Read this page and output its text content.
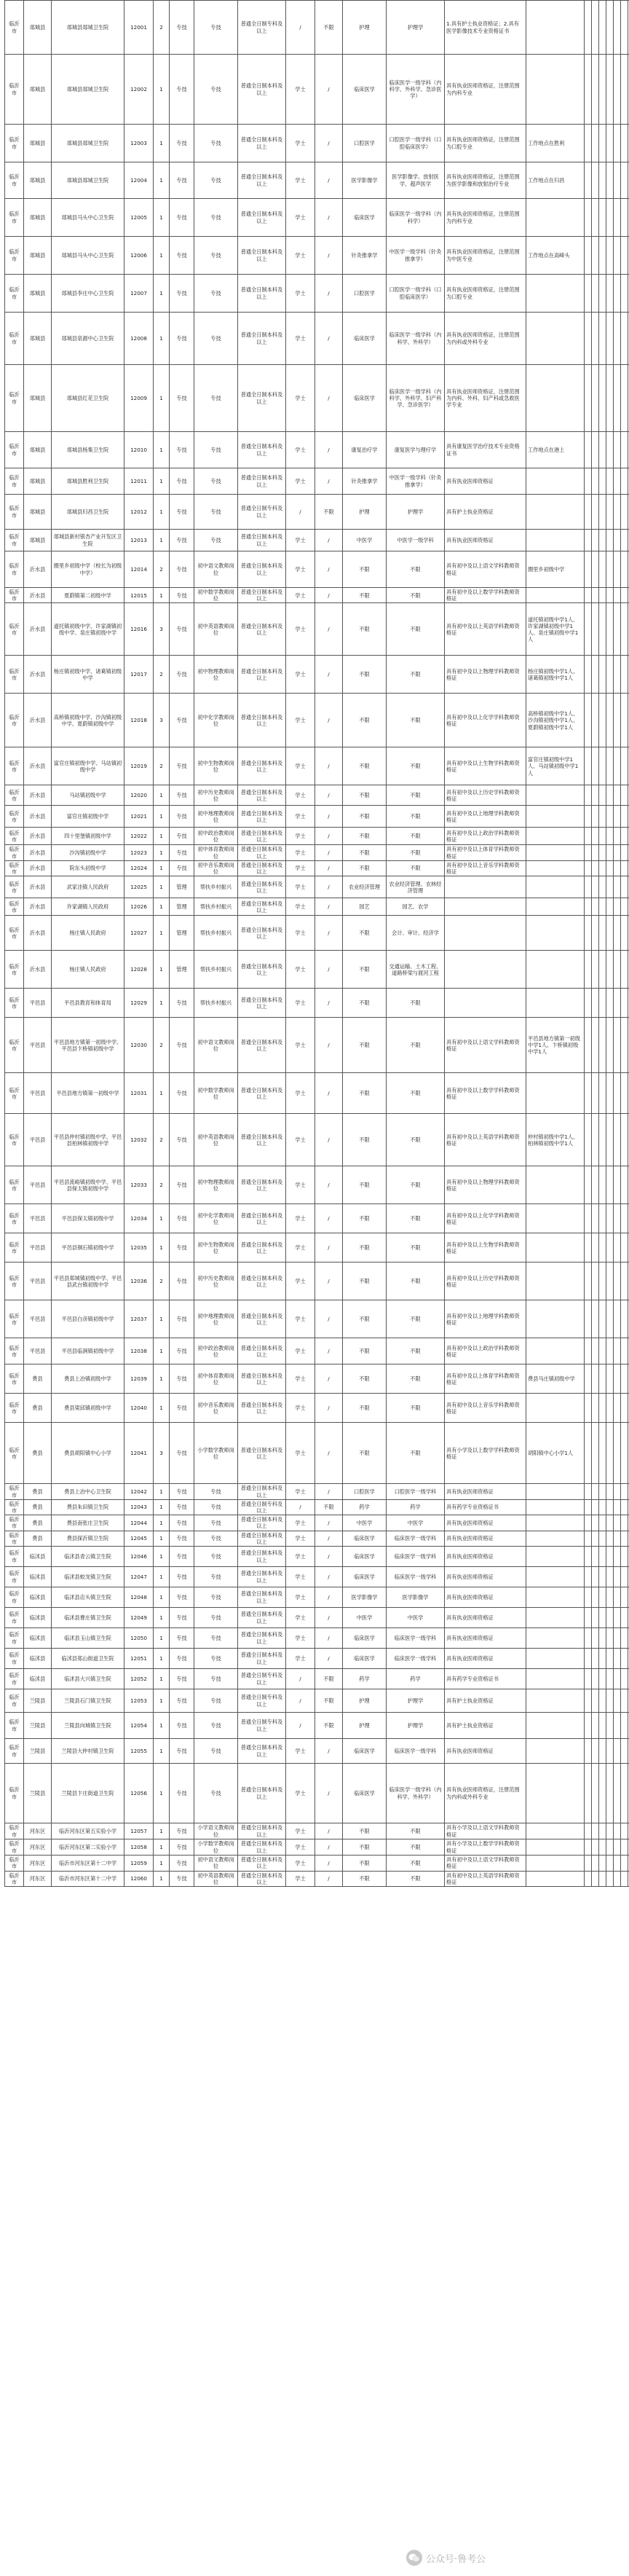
临沂市	郯城县	郯城县郯城卫生院	12001	2	专技	专技	普通全日制专科及以上	/	不限	护理	护理学	1.具有护士执业资格证；2.具有医学影像技术专业资格证书								
临沂市	郯城县	郯城县郯城卫生院	12002	1	专技	专技	普通全日制本科及以上	学士	/	临床医学	临床医学一级学科（内科学、外科学、急诊医学）	具有执业医师资格证，注册范围为内科专业								
临沂市	郯城县	郯城县郯城卫生院	12003	1	专技	专技	普通全日制本科及以上	学士	/	口腔医学	口腔医学一级学科（口腔临床医学）	具有执业医师资格证，注册范围为口腔专业	工作地点在胜利							
临沂市	郯城县	郯城县郯城卫生院	12004	1	专技	专技	普通全日制本科及以上	学士	/	医学影像学	医学影像学、放射医学、超声医学	具有执业医师资格证，注册范围为医学影像和放射治疗专业	工作地点在归昌							
临沂市	郯城县	郯城县马头中心卫生院	12005	1	专技	专技	普通全日制本科及以上	学士	/	临床医学	临床医学一级学科（内科学）	具有执业医师资格证，注册范围为内科专业								
临沂市	郯城县	郯城县马头中心卫生院	12006	1	专技	专技	普通全日制本科及以上	学士	/	针灸推拿学	中医学一级学科（针灸推拿学）	具有执业医师资格证，注册范围为中医专业	工作地点在高峰头							
临沂市	郯城县	郯城县李庄中心卫生院	12007	1	专技	专技	普通全日制本科及以上	学士	/	口腔医学	口腔医学一级学科（口腔临床医学）	具有执业医师资格证，注册范围为口腔专业								
临沂市	郯城县	郯城县泉源中心卫生院	12008	1	专技	专技	普通全日制本科及以上	学士	/	临床医学	临床医学一级学科（内科学、外科学）	具有执业医师资格证，注册范围为内科或外科专业								
临沂市	郯城县	郯城县红花卫生院	12009	1	专技	专技	普通全日制本科及以上	学士	/	临床医学	临床医学一级学科（内科学、外科学、妇产科学、急诊医学）	具有执业医师资格证，注册范围为内科、外科、妇产科或急救医学专业								
临沂市	郯城县	郯城县杨集卫生院	12010	1	专技	专技	普通全日制本科及以上	学士	/	康复治疗学	康复医学与理疗学	具有康复医学治疗技术专业资格证书	工作地点在港上							
临沂市	郯城县	郯城县胜利卫生院	12011	1	专技	专技	普通全日制本科及以上	学士	/	针灸推拿学	中医学一级学科（针灸推拿学）	具有执业医师资格证								
临沂市	郯城县	郯城县归昌卫生院	12012	1	专技	专技	普通全日制专科及以上	/	不限	护理	护理学	具有护士执业资格证								
临沂市	郯城县	郯城县新村银杏产业开发区卫生院	12013	1	专技	专技	普通全日制本科及以上	学士	/	中医学	中医学一级学科	具有执业医师资格证								
临沂市	沂水县	圈里乡初级中学（校长为初级中学）	12014	2	专技	初中语文教师岗位	普通全日制本科及以上	学士	/	不限	不限	具有初中及以上语文学科教师资格证	圈里乡初级中学							
临沂市	沂水县	夏蔚镇第二初级中学	12015	1	专技	初中数学教师岗位	普通全日制本科及以上	学士	/	不限	不限	具有初中及以上数学学科教师资格证								
临沂市	沂水县	道托镇初级中学、许家湖镇初级中学、泉庄镇初级中学	12016	3	专技	初中英语教师岗位	普通全日制本科及以上	学士	/	不限	不限	具有初中及以上英语学科教师资格证	道托镇初级中学1人、许家湖镇初级中学1人、泉庄镇初级中学1人							
临沂市	沂水县	杨庄镇初级中学、诸葛镇初级中学	12017	2	专技	初中物理教师岗位	普通全日制本科及以上	学士	/	不限	不限	具有初中及以上物理学科教师资格证	杨庄镇初级中学1人、诸葛镇初级中学1人							
临沂市	沂水县	高桥镇初级中学、沙沟镇初级中学、夏蔚镇初级中学	12018	3	专技	初中化学教师岗位	普通全日制本科及以上	学士	/	不限	不限	具有初中及以上化学学科教师资格证	高桥镇初级中学1人、沙沟镇初级中学1人、夏蔚镇初级中学1人							
临沂市	沂水县	富官庄镇初级中学、马站镇初级中学	12019	2	专技	初中生物教师岗位	普通全日制本科及以上	学士	/	不限	不限	具有初中及以上生物学科教师资格证	富官庄镇初级中学1人、马站镇初级中学1人							
临沂市	沂水县	马站镇初级中学	12020	1	专技	初中历史教师岗位	普通全日制本科及以上	学士	/	不限	不限	具有初中及以上历史学科教师资格证								
临沂市	沂水县	富官庄镇初级中学	12021	1	专技	初中地理教师岗位	普通全日制本科及以上	学士	/	不限	不限	具有初中及以上地理学科教师资格证								
临沂市	沂水县	四十里堡镇初级中学	12022	1	专技	初中政治教师岗位	普通全日制本科及以上	学士	/	不限	不限	具有初中及以上政治学科教师资格证								
临沂市	沂水县	沙沟镇初级中学	12023	1	专技	初中体育教师岗位	普通全日制本科及以上	学士	/	不限	不限	具有初中及以上体育学科教师资格证								
临沂市	沂水县	院东头初级中学	12024	1	专技	初中音乐教师岗位	普通全日制本科及以上	学士	/	不限	不限	具有初中及以上音乐学科教师资格证								
临沂市	沂水县	武家洼镇人民政府	12025	1	管理	帮扶乡村振兴	普通全日制本科及以上	学士	/	农业经济管理	农业经济管理、农林经济管理									
临沂市	沂水县	许家湖镇人民政府	12026	1	管理	帮扶乡村振兴	普通全日制本科及以上	学士	/	园艺	园艺、农学									
临沂市	沂水县	杨庄镇人民政府	12027	1	管理	帮扶乡村振兴	普通全日制本科及以上	学士	/	不限	会计、审计、经济学									
临沂市	沂水县	杨庄镇人民政府	12028	1	管理	帮扶乡村振兴	普通全日制本科及以上	学士	/	不限	交通运输、土木工程、道路桥梁与渡河工程									
临沂市	平邑县	平邑县教育和体育局	12029	1	专技	帮扶乡村振兴	普通全日制本科及以上	学士	/	不限	不限									
临沂市	平邑县	平邑县地方镇第一初级中学、平邑县卞桥镇初级中学	12030	2	专技	初中语文教师岗位	普通全日制本科及以上	学士	/	不限	不限	具有初中及以上语文学科教师资格证	平邑县地方镇第一初级中学1人、卞桥镇初级中学1人							
临沂市	平邑县	平邑县地方镇第一初级中学	12031	1	专技	初中数学教师岗位	普通全日制本科及以上	学士	/	不限	不限	具有初中及以上数学学科教师资格证								
临沂市	平邑县	平邑县仲村镇初级中学、平邑县柏林镇初级中学	12032	2	专技	初中英语教师岗位	普通全日制本科及以上	学士	/	不限	不限	具有初中及以上英语学科教师资格证	仲村镇初级中学1人、柏林镇初级中学1人							
临沂市	平邑县	平邑县流峪镇初级中学、平邑县保太镇初级中学	12033	2	专技	初中物理教师岗位	普通全日制本科及以上	学士	/	不限	不限	具有初中及以上物理学科教师资格证								
临沂市	平邑县	平邑县保太镇初级中学	12034	1	专技	初中化学教师岗位	普通全日制本科及以上	学士	/	不限	不限	具有初中及以上化学学科教师资格证								
临沂市	平邑县	平邑县铜石镇初级中学	12035	1	专技	初中生物教师岗位	普通全日制本科及以上	学士	/	不限	不限	具有初中及以上生物学科教师资格证								
临沂市	平邑县	平邑县郑城镇初级中学、平邑县武台镇初级中学	12036	2	专技	初中历史教师岗位	普通全日制本科及以上	学士	/	不限	不限	具有初中及以上历史学科教师资格证								
临沂市	平邑县	平邑县白彦镇初级中学	12037	1	专技	初中地理教师岗位	普通全日制本科及以上	学士	/	不限	不限	具有初中及以上地理学科教师资格证								
临沂市	平邑县	平邑县临涧镇初级中学	12038	1	专技	初中政治教师岗位	普通全日制本科及以上	学士	/	不限	不限	具有初中及以上政治学科教师资格证								
临沂市	费县	费县上冶镇初级中学	12039	1	专技	初中体育教师岗位	普通全日制本科及以上	学士	/	不限	不限	具有初中及以上体育学科教师资格证	费县马庄镇初级中学							
临沂市	费县	费县梁邱镇初级中学	12040	1	专技	初中音乐教师岗位	普通全日制本科及以上	学士	/	不限	不限	具有初中及以上音乐学科教师资格证								
临沂市	费县	费县胡阳镇中心小学	12041	3	专技	小学数学教师岗位	普通全日制本科及以上	学士	/	不限	不限	具有小学及以上数学学科教师资格证	胡阳镇中心小学1人							
临沂市	费县	费县上冶中心卫生院	12042	1	专技	专技	普通全日制本科及以上	学士	/	口腔医学	口腔医学一级学科	具有执业医师资格证								
临沂市	费县	费县朱田镇卫生院	12043	1	专技	专技	普通全日制专科及以上	/	不限	药学	药学	具有药学专业资格证书								
临沂市	费县	费县南张庄卫生院	12044	1	专技	专技	普通全日制本科及以上	学士	/	中医学	中医学	具有执业医师资格证								
临沂市	费县	费县探沂镇卫生院	12045	1	专技	专技	普通全日制本科及以上	学士	/	临床医学	临床医学一级学科	具有执业医师资格证								
临沂市	临沭县	临沭县青云镇卫生院	12046	1	专技	专技	普通全日制本科及以上	学士	/	临床医学	临床医学一级学科	具有执业医师资格证								
临沂市	临沭县	临沭县蛟龙镇卫生院	12047	1	专技	专技	普通全日制本科及以上	学士	/	临床医学	临床医学一级学科	具有执业医师资格证								
临沂市	临沭县	临沭县店头镇卫生院	12048	1	专技	专技	普通全日制本科及以上	学士	/	医学影像学	医学影像学	具有执业医师资格证								
临沂市	临沭县	临沭县曹庄镇卫生院	12049	1	专技	专技	普通全日制本科及以上	学士	/	中医学	中医学	具有执业医师资格证								
临沂市	临沭县	临沭县玉山镇卫生院	12050	1	专技	专技	普通全日制本科及以上	学士	/	临床医学	临床医学一级学科	具有执业医师资格证								
临沂市	临沭县	临沭县郑山街道卫生院	12051	1	专技	专技	普通全日制本科及以上	学士	/	临床医学	临床医学一级学科	具有执业医师资格证								
临沂市	临沭县	临沭县大兴镇卫生院	12052	1	专技	专技	普通全日制专科及以上	/	不限	药学	药学	具有药学专业资格证书								
临沂市	兰陵县	兰陵县石门镇卫生院	12053	1	专技	专技	普通全日制专科及以上	/	不限	护理	护理学	具有护士执业资格证								
临沂市	兰陵县	兰陵县向城镇卫生院	12054	1	专技	专技	普通全日制专科及以上	/	不限	护理	护理学	具有护士执业资格证								
临沂市	兰陵县	兰陵县大仲村镇卫生院	12055	1	专技	专技	普通全日制本科及以上	学士	/	临床医学	临床医学一级学科	具有执业医师资格证								
临沂市	兰陵县	兰陵县卞庄街道卫生院	12056	1	专技	专技	普通全日制本科及以上	学士	/	临床医学	临床医学一级学科（内科学、外科学）	具有执业医师资格证，注册范围为内科或外科专业								
临沂市	河东区	临沂河东区第五实验小学	12057	1	专技	小学语文教师岗位	普通全日制本科及以上	学士	/	不限	不限	具有小学及以上语文学科教师资格证								
临沂市	河东区	临沂河东区第二实验小学	12058	1	专技	小学数学教师岗位	普通全日制本科及以上	学士	/	不限	不限	具有小学及以上数学学科教师资格证								
临沂市	河东区	临沂市河东区第十二中学	12059	1	专技	初中语文教师岗位	普通全日制本科及以上	学士	/	不限	不限	具有初中及以上语文学科教师资格证								
临沂市	河东区	临沂市河东区第十二中学	12060	1	专技	初中英语教师岗位	普通全日制本科及以上	学士	/	不限	不限	具有初中及以上英语学科教师资格证								
公众号·鲁考公
